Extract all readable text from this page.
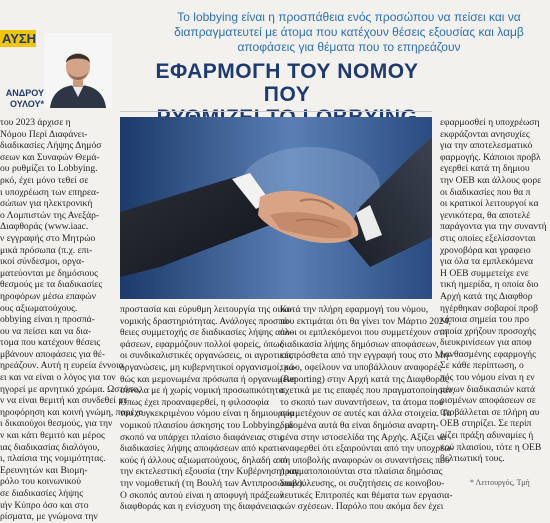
Το lobbying είναι η προσπάθεια ενός προσώπου να πείσει και να
διαπραγματευτεί με άτομα που κατέχουν θέσεις εξουσίας και λαμβ
αποφάσεις για θέματα που το επηρεάζουν
ΑΥΣΗ
ΑΝΔΡΟΥ
ΟΥΛΟΥ*
ΕΦΑΡΜΟΓΗ ΤΟΥ ΝΟΜΟΥ ΠΟΥ
του 2023 άρχισε η
Νόμου Περί Διαφάνει-
διαδικασίες Λήψης Δημόσ
σεων και Συναφών Θεμά-
ου ρυθμίζει το Lobbying.
ρκό, έχει μόνο τεθεί σε
ι υποχρέωση των επηρεα-
σώπων για ηλεκτρονική
ο Λομπιστών της Ανεξάρ-
Διαφθοράς (www.iaac.
ν εγγραφής στο Μητρώο
μικά πρόσωπα (π.χ. επι-
ικοί σύνδεσμοι, οργα-
ματεύονται με δημόσιους
θεσμούς με τα διαδικασίες
ηροφόρων μέσω επαφών
ους αξιωματούχους.
obbying είναι η προσπά-
ου να πείσει και να δια-
τομα που κατέχουν θέσεις
μβάνουν αποφάσεις για θέ-
ηρεάζουν. Αυτή η ευρεία έννοια
ει και να είναι ο λόγος για τον
ηγορεί με αρνητικό χρώμα. Ωστόσο,
ν να είναι θεμιτή και συνδεθεί με
ηροφόρηση και κοινή γνώμη, παρέχο
ι δικαιούχοι θεσμούς, για την
ν και κάτι θεμιτό και μέρος
ιας διαδικασίας διαλόγου,
ι, πλαίσια της νομιμότητας.
Ερευνητών και Βιομη-
ρόλο του κοινωνικού
σε διαδικασίες λήψης
ιήν Κύπρο όσο και στο
ρίσματα, με γνώμονα την
προστασία και εύρυθμη λειτουργία της οικο-
νομικής δραστηριότητας. Ανάλογες προσπά-
θειες συμμετοχής σε διαδικασίες λήψης απο-
φάσεων, εφαρμόζουν πολλοί φορείς, όπως
οι συνδικαλιστικές οργανώσεις, οι αγροτικές
οργανώσεις, μη κυβερνητικοί οργανισμοί, κα-
θώς και μεμονωμένα πρόσωπα ή οργανωμένα
σύνολα με ή χωρίς νομική προσωπικότητα.
Όπως έχει προαναφερθεί, η φιλοσοφία
του συγκεκριμένου νόμου είναι η δημιουργία
νομικού πλαισίου άσκησης του Lobbying, με
σκοπό να υπάρχει πλαίσιο διαφάνειας στις
διαδικασίες λήψης αποφάσεων από κρατι-
κούς ή άλλους αξιωματούχους, δηλαδή από
την εκτελεστική εξουσία (την Κυβέρνηση) και
την νομοθετική (τη Βουλή των Αντιπροσώπων).
Ο σκοπός αυτού είναι η αποφυγή πράξεων
διαφθοράς και η ενίσχυση της διαφάνειας.
Κατά την πλήρη εφαρμογή του νόμου,
που εκτιμάται ότι θα γίνει τον Μάρτιο 2024,
όλοι οι εμπλεκόμενοι που συμμετέχουν στη
διαδικασία λήψης δημόσιων αποφάσεων,
επιπρόσθετα από την εγγραφή τους στο Μη-
τρώο, οφείλουν να υποβάλλουν αναφορές
(Reporting) στην Αρχή κατά της Διαφθοράς
σχετικά με τις επαφές που πραγματοποίησαν,
το σκοπό των συναντήσεων, τα άτομα που
συμμετέχουν σε αυτές και άλλα στοιχεία. Τα
δεδομένα αυτά θα είναι δημόσια αναρτη-
μένα στην ιστοσελίδα της Αρχής. Αξίζει να
αναφερθεί ότι εξαιρούνται από την υποχρέω-
ση υποβολής αναφορών οι συναντήσεις που
πραγματοποιούνται στα πλαίσια δημόσιας
διαβούλευσης, οι συζητήσεις σε κοινοβου-
λευτικές Επιτροπές και θέματα των εργασια-
κών σχέσεων. Παρόλο που ακόμα δεν έχει
εφαρμοσθεί η υποχρέωση
εκφράζονται ανησυχίες
για την αποτελεσματικό
φαρμογής. Κάποιοι προβλ
εγερθεί κατά τη δημιου
την ΟΕΒ και άλλους φορε
οι διαδικασίες που θα π
οι κρατικοί λειτουργοί κα
γενικότερα, θα αποτελέ
παράγοντα για την συναντή
στις οποίες εξελίσσονται
χρονοβόρα και γραφειο
για όλα τα εμπλεκόμενα
Η ΟΕΒ συμμετείχε ενε
τική ημερίδα, η οποία διο
Αρχή κατά της Διαφθορ
ηγέρθηκαν σοβαροί προβ
κάποια σημεία του προ
οποία χρήζουν προσοχής
διευκρινίσεων για αποφ
λανθασμένης εφαρμογής
Σε κάθε περίπτωση, ο
πός του νόμου είναι η εν
μένων διαδικασιών κατά
ρισμένων αποφάσεων σε
υποβάλλεται σε πλήρη αυ
ΟΕΒ στηρίζει. Σε περίπ
ρίζει πράξη αδυναμίες ή
κού πλαισίου, τότε η ΟΕΒ
βελτιωτική τους.
* Λειτουργός, Τμή
